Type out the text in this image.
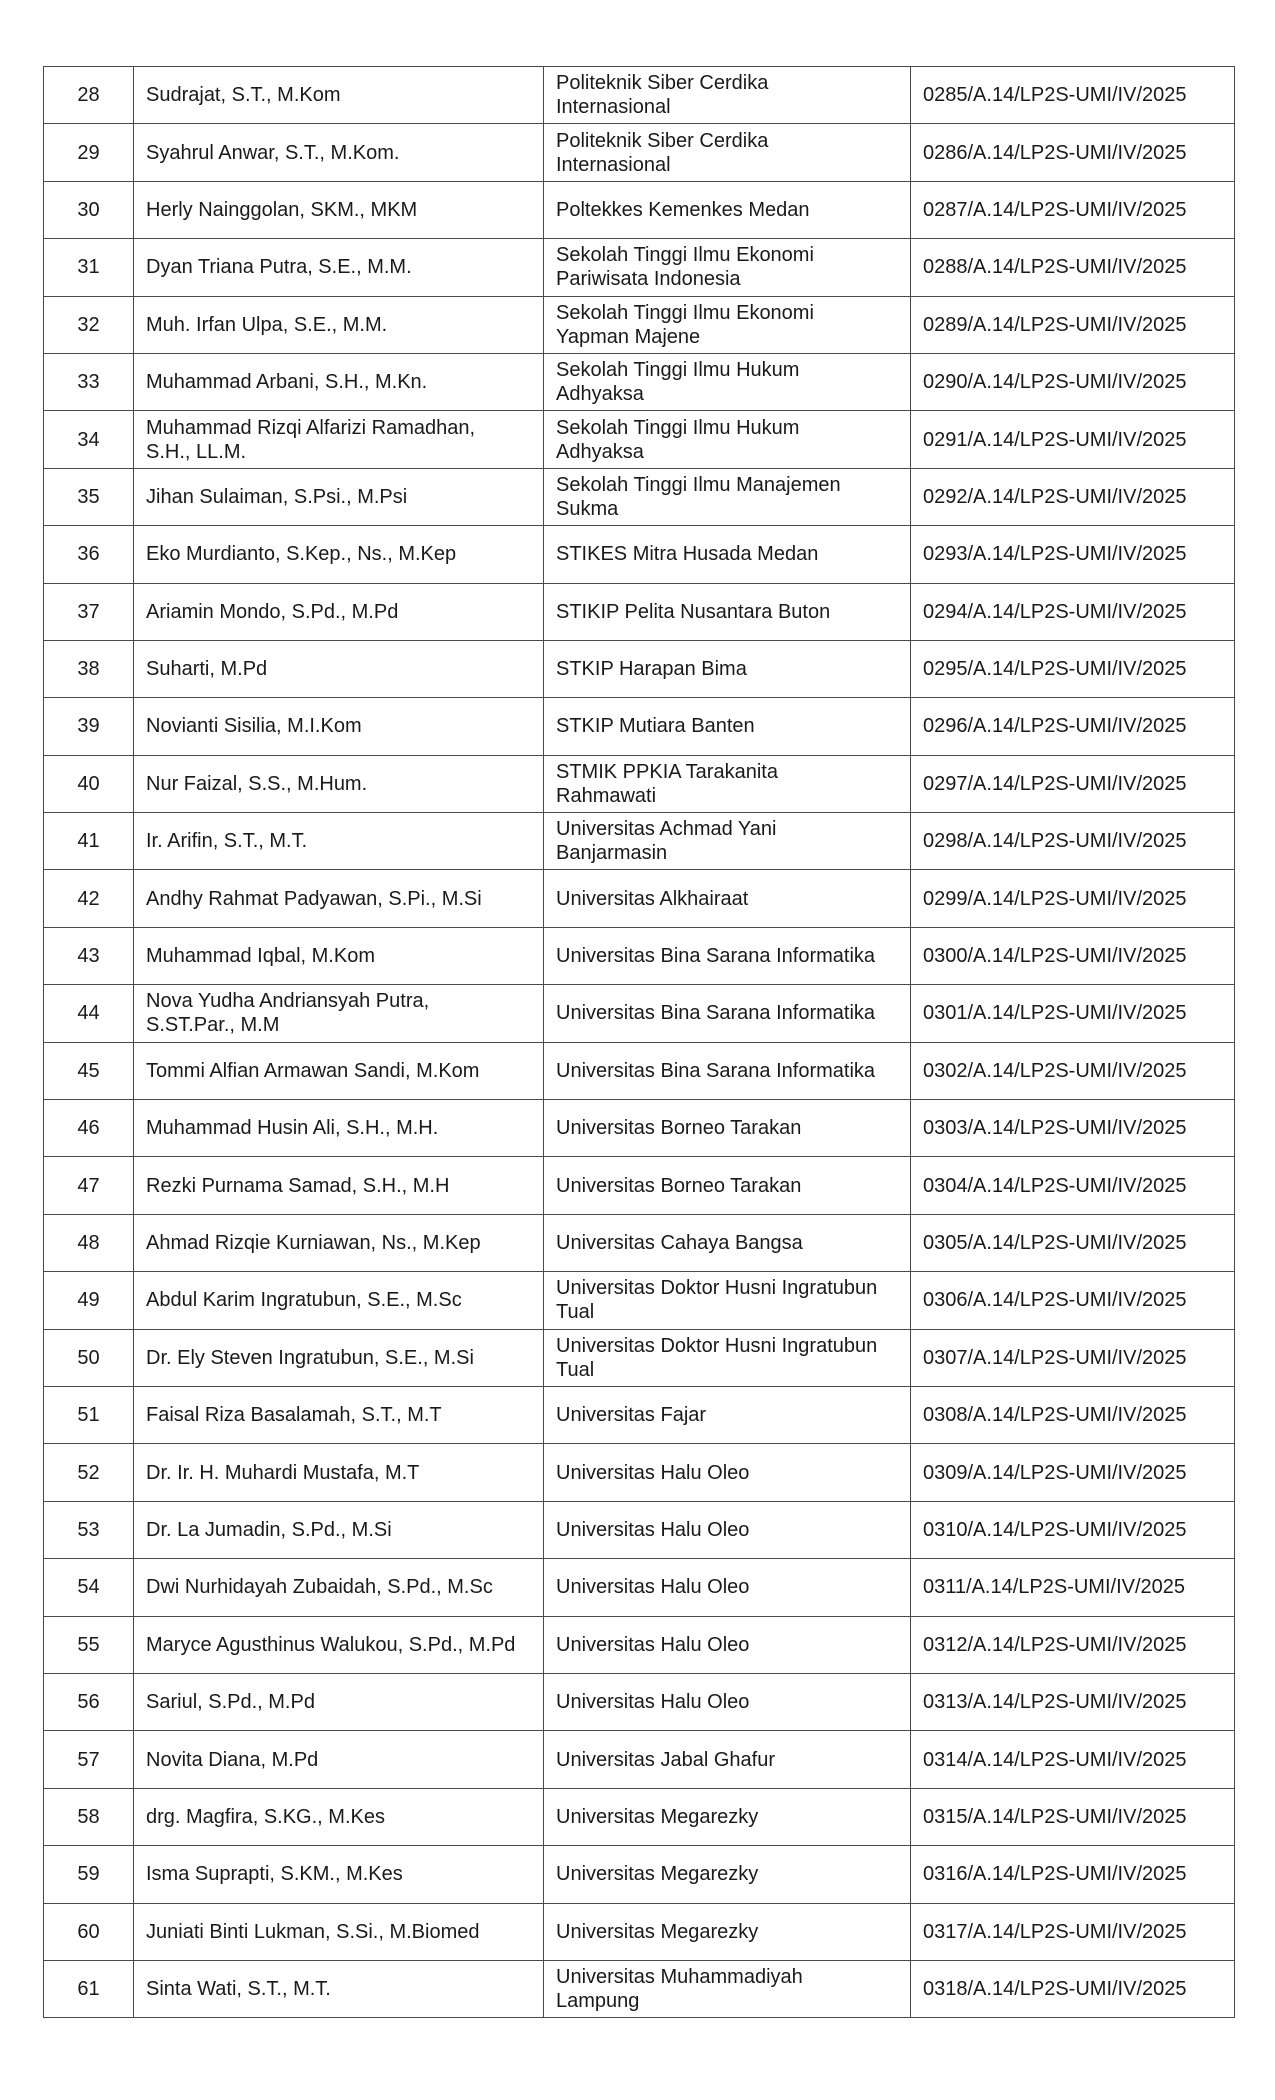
28	Sudrajat, S.T., M.Kom	Politeknik Siber Cerdika
Internasional	0285/A.14/LP2S-UMI/IV/2025
29	Syahrul Anwar, S.T., M.Kom.	Politeknik Siber Cerdika
Internasional	0286/A.14/LP2S-UMI/IV/2025
30	Herly Nainggolan, SKM., MKM	Poltekkes Kemenkes Medan	0287/A.14/LP2S-UMI/IV/2025
31	Dyan Triana Putra, S.E., M.M.	Sekolah Tinggi Ilmu Ekonomi
Pariwisata Indonesia	0288/A.14/LP2S-UMI/IV/2025
32	Muh. Irfan Ulpa, S.E., M.M.	Sekolah Tinggi Ilmu Ekonomi
Yapman Majene	0289/A.14/LP2S-UMI/IV/2025
33	Muhammad Arbani, S.H., M.Kn.	Sekolah Tinggi Ilmu Hukum
Adhyaksa	0290/A.14/LP2S-UMI/IV/2025
34	Muhammad Rizqi Alfarizi Ramadhan,
S.H., LL.M.	Sekolah Tinggi Ilmu Hukum
Adhyaksa	0291/A.14/LP2S-UMI/IV/2025
35	Jihan Sulaiman, S.Psi., M.Psi	Sekolah Tinggi Ilmu Manajemen
Sukma	0292/A.14/LP2S-UMI/IV/2025
36	Eko Murdianto, S.Kep., Ns., M.Kep	STIKES Mitra Husada Medan	0293/A.14/LP2S-UMI/IV/2025
37	Ariamin Mondo, S.Pd., M.Pd	STIKIP Pelita Nusantara Buton	0294/A.14/LP2S-UMI/IV/2025
38	Suharti, M.Pd	STKIP Harapan Bima	0295/A.14/LP2S-UMI/IV/2025
39	Novianti Sisilia, M.I.Kom	STKIP Mutiara Banten	0296/A.14/LP2S-UMI/IV/2025
40	Nur Faizal, S.S., M.Hum.	STMIK PPKIA Tarakanita
Rahmawati	0297/A.14/LP2S-UMI/IV/2025
41	Ir. Arifin, S.T., M.T.	Universitas Achmad Yani
Banjarmasin	0298/A.14/LP2S-UMI/IV/2025
42	Andhy Rahmat Padyawan, S.Pi., M.Si	Universitas Alkhairaat	0299/A.14/LP2S-UMI/IV/2025
43	Muhammad Iqbal, M.Kom	Universitas Bina Sarana Informatika	0300/A.14/LP2S-UMI/IV/2025
44	Nova Yudha Andriansyah Putra,
S.ST.Par., M.M	Universitas Bina Sarana Informatika	0301/A.14/LP2S-UMI/IV/2025
45	Tommi Alfian Armawan Sandi, M.Kom	Universitas Bina Sarana Informatika	0302/A.14/LP2S-UMI/IV/2025
46	Muhammad Husin Ali, S.H., M.H.	Universitas Borneo Tarakan	0303/A.14/LP2S-UMI/IV/2025
47	Rezki Purnama Samad, S.H., M.H	Universitas Borneo Tarakan	0304/A.14/LP2S-UMI/IV/2025
48	Ahmad Rizqie Kurniawan, Ns., M.Kep	Universitas Cahaya Bangsa	0305/A.14/LP2S-UMI/IV/2025
49	Abdul Karim Ingratubun, S.E., M.Sc	Universitas Doktor Husni Ingratubun
Tual	0306/A.14/LP2S-UMI/IV/2025
50	Dr. Ely Steven Ingratubun, S.E., M.Si	Universitas Doktor Husni Ingratubun
Tual	0307/A.14/LP2S-UMI/IV/2025
51	Faisal Riza Basalamah, S.T., M.T	Universitas Fajar	0308/A.14/LP2S-UMI/IV/2025
52	Dr. Ir. H. Muhardi Mustafa, M.T	Universitas Halu Oleo	0309/A.14/LP2S-UMI/IV/2025
53	Dr. La Jumadin, S.Pd., M.Si	Universitas Halu Oleo	0310/A.14/LP2S-UMI/IV/2025
54	Dwi Nurhidayah Zubaidah, S.Pd., M.Sc	Universitas Halu Oleo	0311/A.14/LP2S-UMI/IV/2025
55	Maryce Agusthinus Walukou, S.Pd., M.Pd	Universitas Halu Oleo	0312/A.14/LP2S-UMI/IV/2025
56	Sariul, S.Pd., M.Pd	Universitas Halu Oleo	0313/A.14/LP2S-UMI/IV/2025
57	Novita Diana, M.Pd	Universitas Jabal Ghafur	0314/A.14/LP2S-UMI/IV/2025
58	drg. Magfira, S.KG., M.Kes	Universitas Megarezky	0315/A.14/LP2S-UMI/IV/2025
59	Isma Suprapti, S.KM., M.Kes	Universitas Megarezky	0316/A.14/LP2S-UMI/IV/2025
60	Juniati Binti Lukman, S.Si., M.Biomed	Universitas Megarezky	0317/A.14/LP2S-UMI/IV/2025
61	Sinta Wati, S.T., M.T.	Universitas Muhammadiyah
Lampung	0318/A.14/LP2S-UMI/IV/2025
